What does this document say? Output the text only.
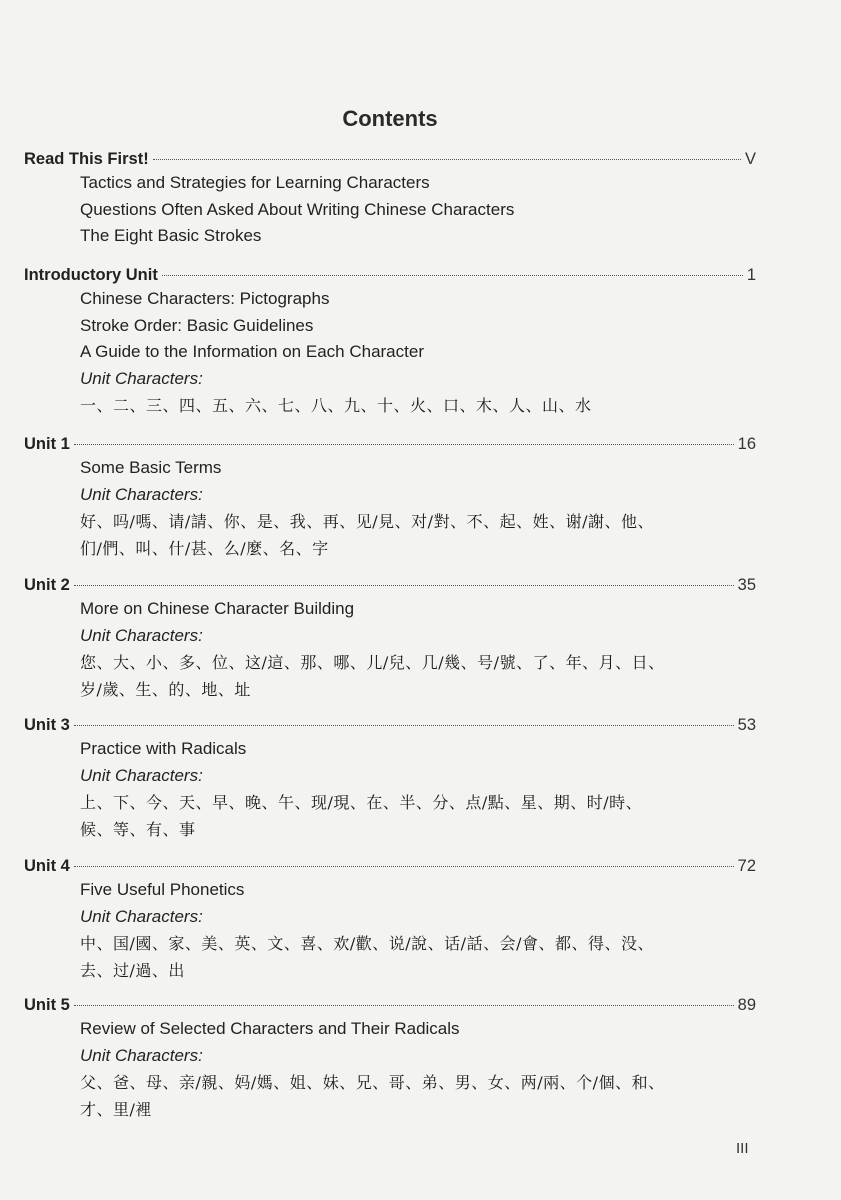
Contents
Read This First!	V
Tactics and Strategies for Learning Characters
Questions Often Asked About Writing Chinese Characters
The Eight Basic Strokes
Introductory Unit	1
Chinese Characters: Pictographs
Stroke Order: Basic Guidelines
A Guide to the Information on Each Character
Unit Characters:
一、二、三、四、五、六、七、八、九、十、火、口、木、人、山、水
Unit 1	16
Some Basic Terms
Unit Characters:
好、吗/嗎、请/請、你、是、我、再、见/見、对/對、不、起、姓、谢/謝、他、
们/們、叫、什/甚、么/麼、名、字
Unit 2	35
More on Chinese Character Building
Unit Characters:
您、大、小、多、位、这/這、那、哪、儿/兒、几/幾、号/號、了、年、月、日、
岁/歲、生、的、地、址
Unit 3	53
Practice with Radicals
Unit Characters:
上、下、今、天、早、晚、午、现/現、在、半、分、点/點、星、期、时/時、
候、等、有、事
Unit 4	72
Five Useful Phonetics
Unit Characters:
中、国/國、家、美、英、文、喜、欢/歡、说/說、话/話、会/會、都、得、没、
去、过/過、出
Unit 5	89
Review of Selected Characters and Their Radicals
Unit Characters:
父、爸、母、亲/親、妈/媽、姐、妹、兄、哥、弟、男、女、两/兩、个/個、和、
才、里/裡
III
